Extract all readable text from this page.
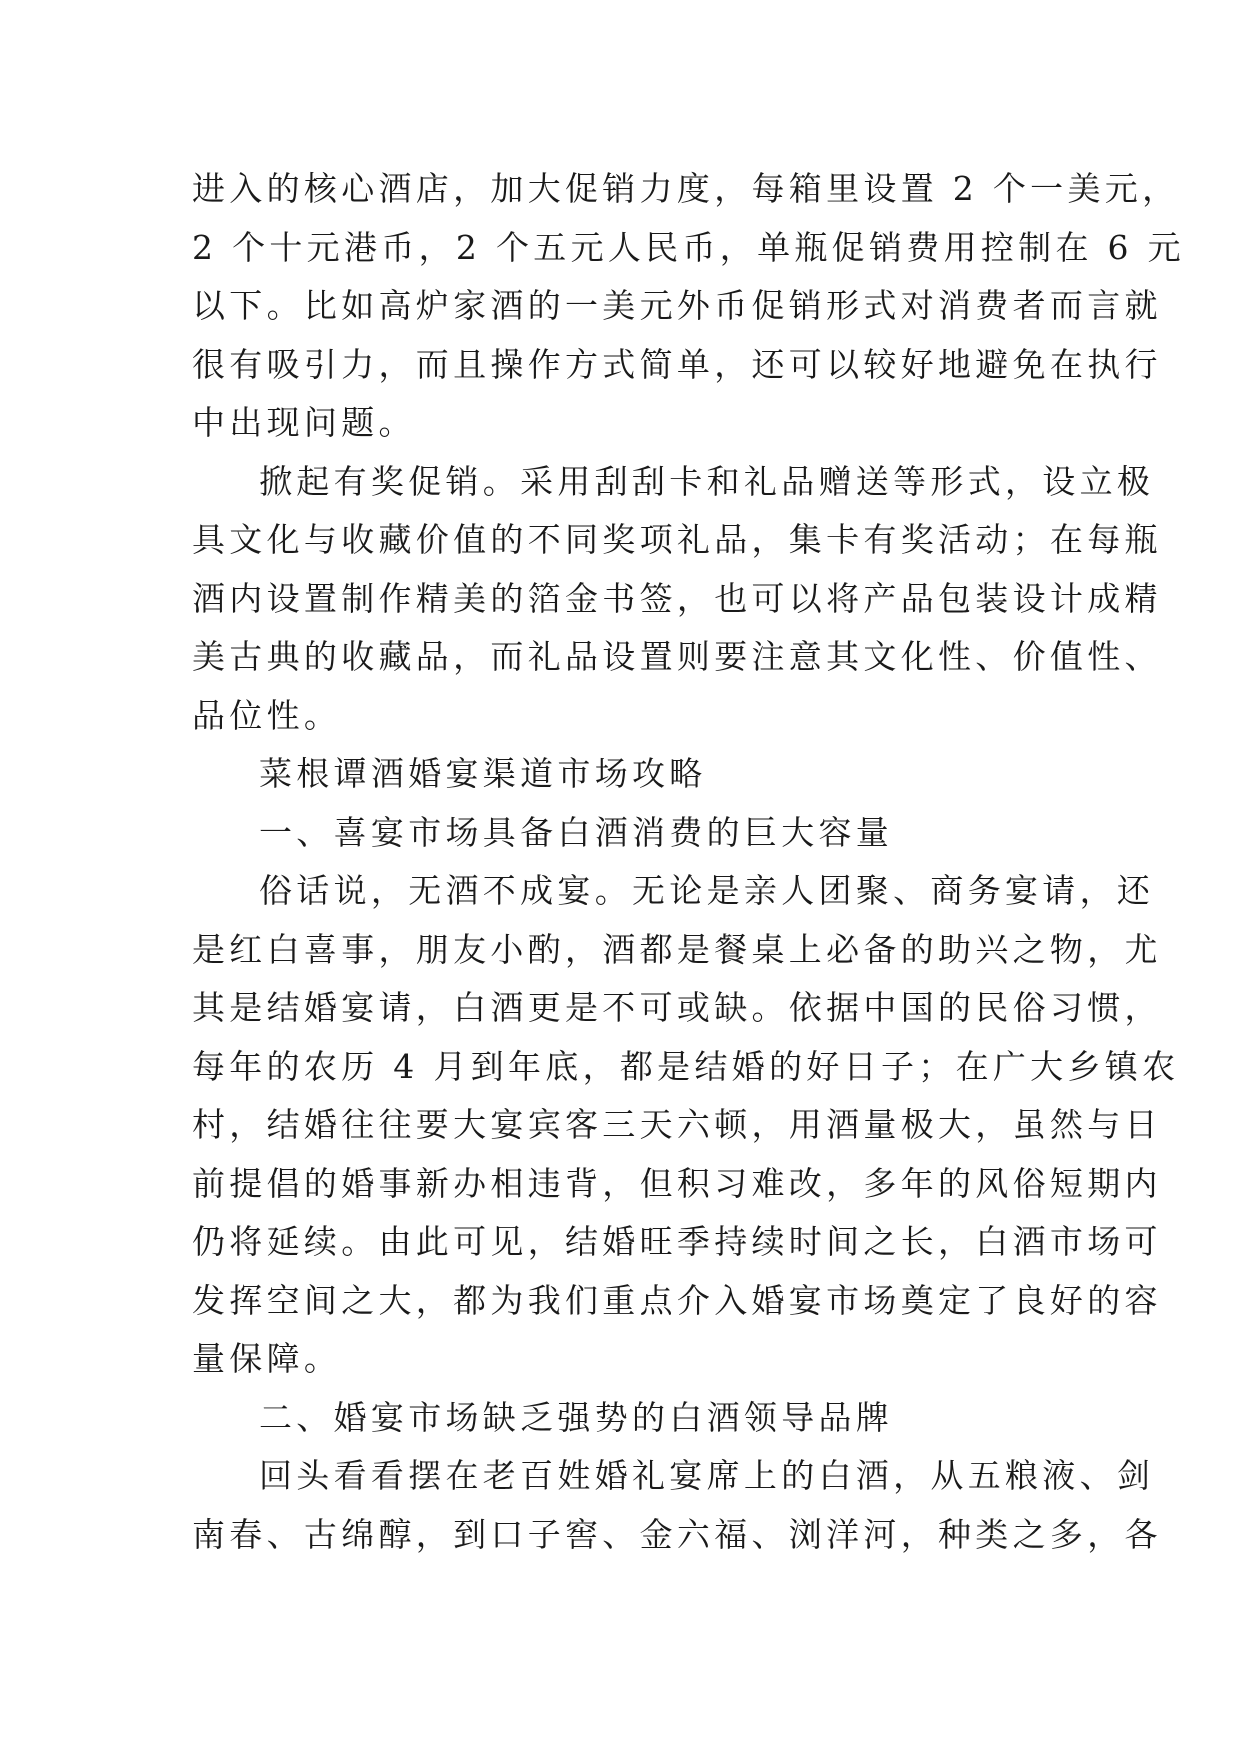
进入的核心酒店，加大促销力度，每箱里设置 2 个一美元，
2 个十元港币，2 个五元人民币，单瓶促销费用控制在 6 元
以下。比如高炉家酒的一美元外币促销形式对消费者而言就
很有吸引力，而且操作方式简单，还可以较好地避免在执行
中出现问题。
掀起有奖促销。采用刮刮卡和礼品赠送等形式，设立极
具文化与收藏价值的不同奖项礼品，集卡有奖活动；在每瓶
酒内设置制作精美的箔金书签，也可以将产品包装设计成精
美古典的收藏品，而礼品设置则要注意其文化性、价值性、
品位性。
菜根谭酒婚宴渠道市场攻略
一、喜宴市场具备白酒消费的巨大容量
俗话说，无酒不成宴。无论是亲人团聚、商务宴请，还
是红白喜事，朋友小酌，酒都是餐桌上必备的助兴之物，尤
其是结婚宴请，白酒更是不可或缺。依据中国的民俗习惯，
每年的农历 4 月到年底，都是结婚的好日子；在广大乡镇农
村，结婚往往要大宴宾客三天六顿，用酒量极大，虽然与日
前提倡的婚事新办相违背，但积习难改，多年的风俗短期内
仍将延续。由此可见，结婚旺季持续时间之长，白酒市场可
发挥空间之大，都为我们重点介入婚宴市场奠定了良好的容
量保障。
二、婚宴市场缺乏强势的白酒领导品牌
回头看看摆在老百姓婚礼宴席上的白酒，从五粮液、剑
南春、古绵醇，到口子窖、金六福、浏洋河，种类之多，各
